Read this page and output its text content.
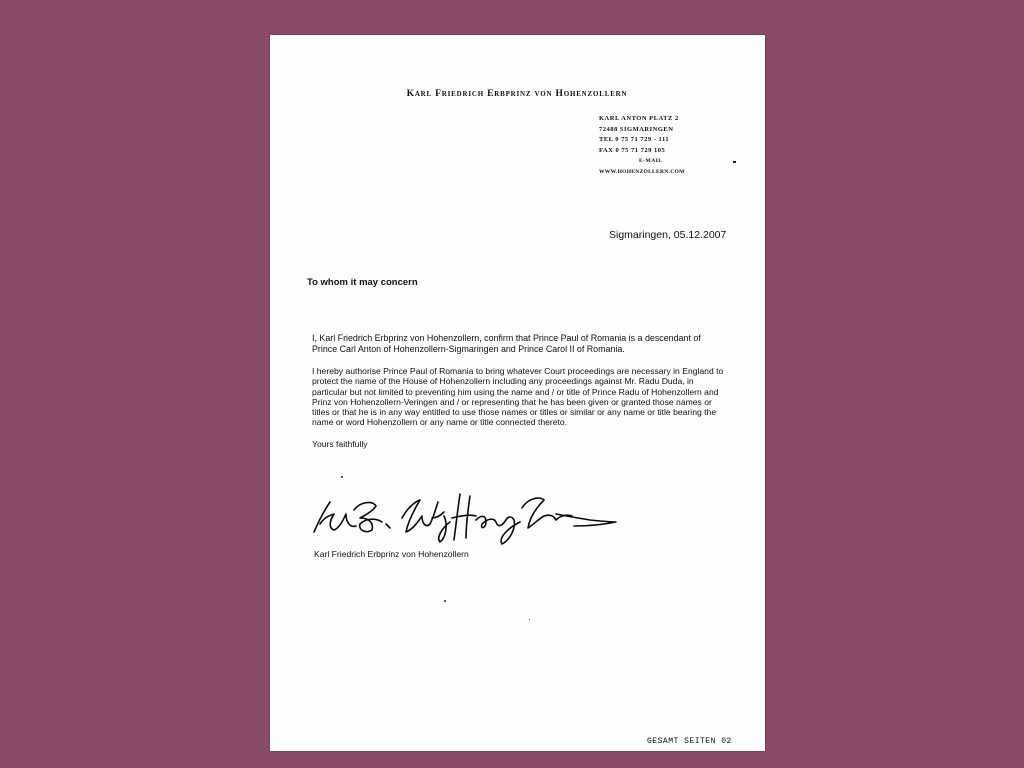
Karl Friedrich Erbprinz von Hohenzollern
KARL ANTON PLATZ 2
72488 SIGMARINGEN
TEL 0 75 71 729 - 111
FAX 0 75 71 729 105
E-MAIL
WWW.HOHENZOLLERN.COM
Sigmaringen, 05.12.2007
To whom it may concern

I, Karl Friedrich Erbprinz von Hohenzollern, confirm that Prince Paul of Romania is a descendant of Prince Carl Anton of Hohenzollern-Sigmaringen and Prince Carol II of Romania.

I hereby authorise Prince Paul of Romania to bring whatever Court proceedings are necessary in England to protect the name of the House of Hohenzollern including any proceedings against Mr. Radu Duda, in particular but not limited to preventing him using the name and / or title of Prince Radu of Hohenzollern and Prinz von Hohenzollern-Veringen and / or representing that he has been given or granted those names or titles or that he is in any way entitled to use those names or titles or similar or any name or title bearing the name or word Hohenzollern or any name or title connected thereto.

Yours faithfully

Karl Friedrich Erbprinz von Hohenzollern
GESAMT SEITEN 02
